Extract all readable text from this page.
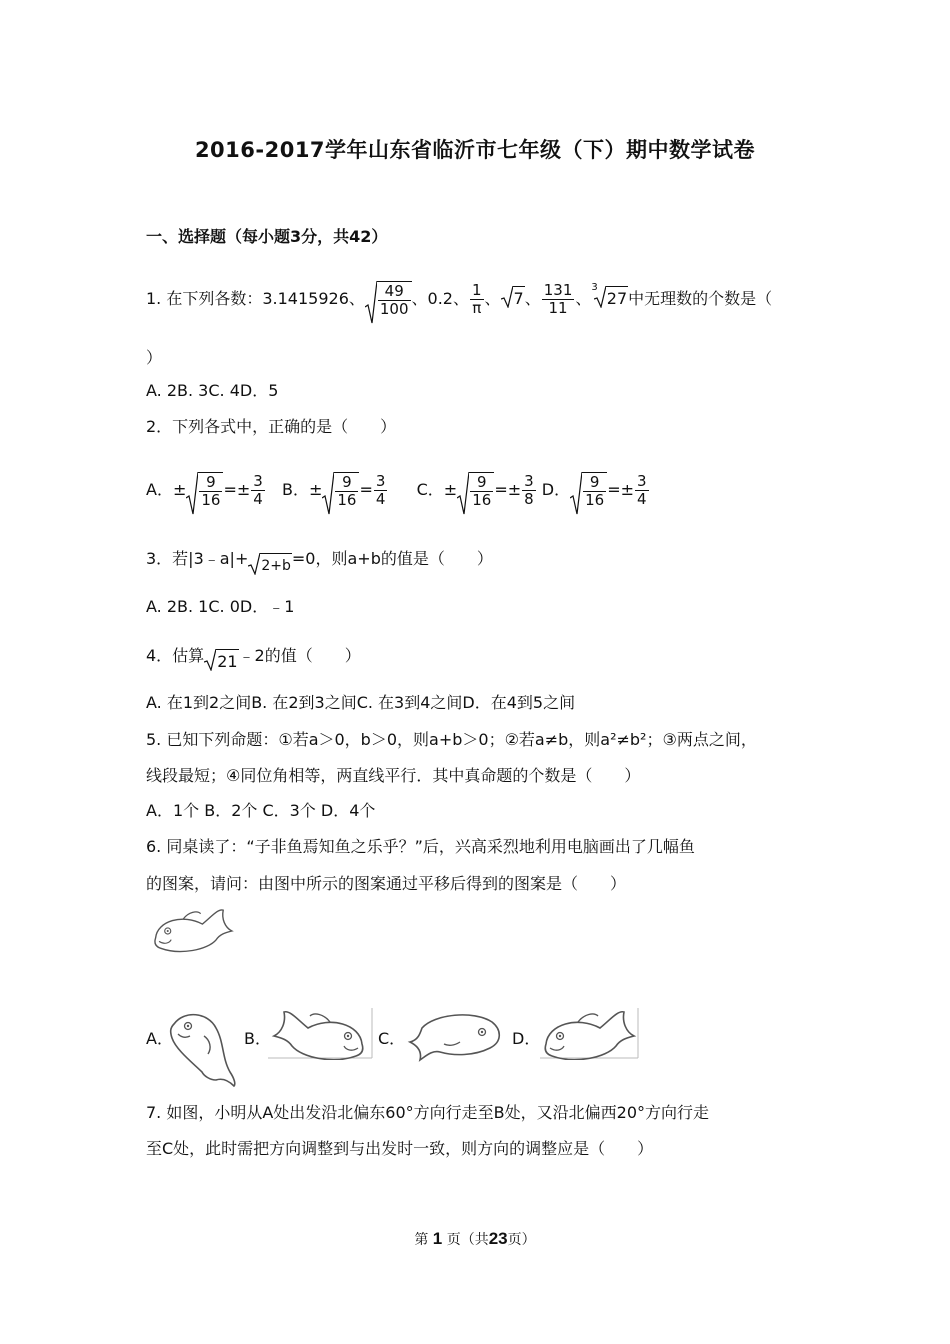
2016-2017学年山东省临沂市七年级（下）期中数学试卷
一、选择题（每小题3分，共42）
1. 在下列各数：3.1415926、 $\frac{49}{100}$ 、0.2、 $\frac{1}{\pi}$ 、 7、 $\frac{131}{11}$ 、$^3$
27中无理数的个数是（
）
A. 2B. 3C. 4D．5
2．下列各式中，正确的是（　　）
A．± $\frac{9}{16} =\pm \frac{3}{4}$ B．± $\frac{9}{16} = \frac{3}{4}$ C．± $\frac{9}{16} =\pm \frac{3}{8}$ D． $\frac{9}{16} =\pm \frac{3}{4}$
3．若|3﹣a|+ 2+b=0，则a+b的值是（　　）
A. 2B. 1C. 0D．﹣1
4．估算 21﹣2的值（　　）
A. 在1到2之间B. 在2到3之间C. 在3到4之间D．在4到5之间
5. 已知下列命题：①若a＞0，b＞0，则a+b＞0；②若a≠b，则a²≠b²；③两点之间，
线段最短；④同位角相等，两直线平行．其中真命题的个数是（　　）
A．1个 B．2个 C．3个 D．4个
6. 同桌读了：“子非鱼焉知鱼之乐乎？”后，兴高采烈地利用电脑画出了几幅鱼
的图案，请问：由图中所示的图案通过平移后得到的图案是（　　）
A．	B．	C．	D．
7. 如图，小明从A处出发沿北偏东60°方向行走至B处，又沿北偏西20°方向行走
至C处，此时需把方向调整到与出发时一致，则方向的调整应是（　　）
第 1 页（共23页）
